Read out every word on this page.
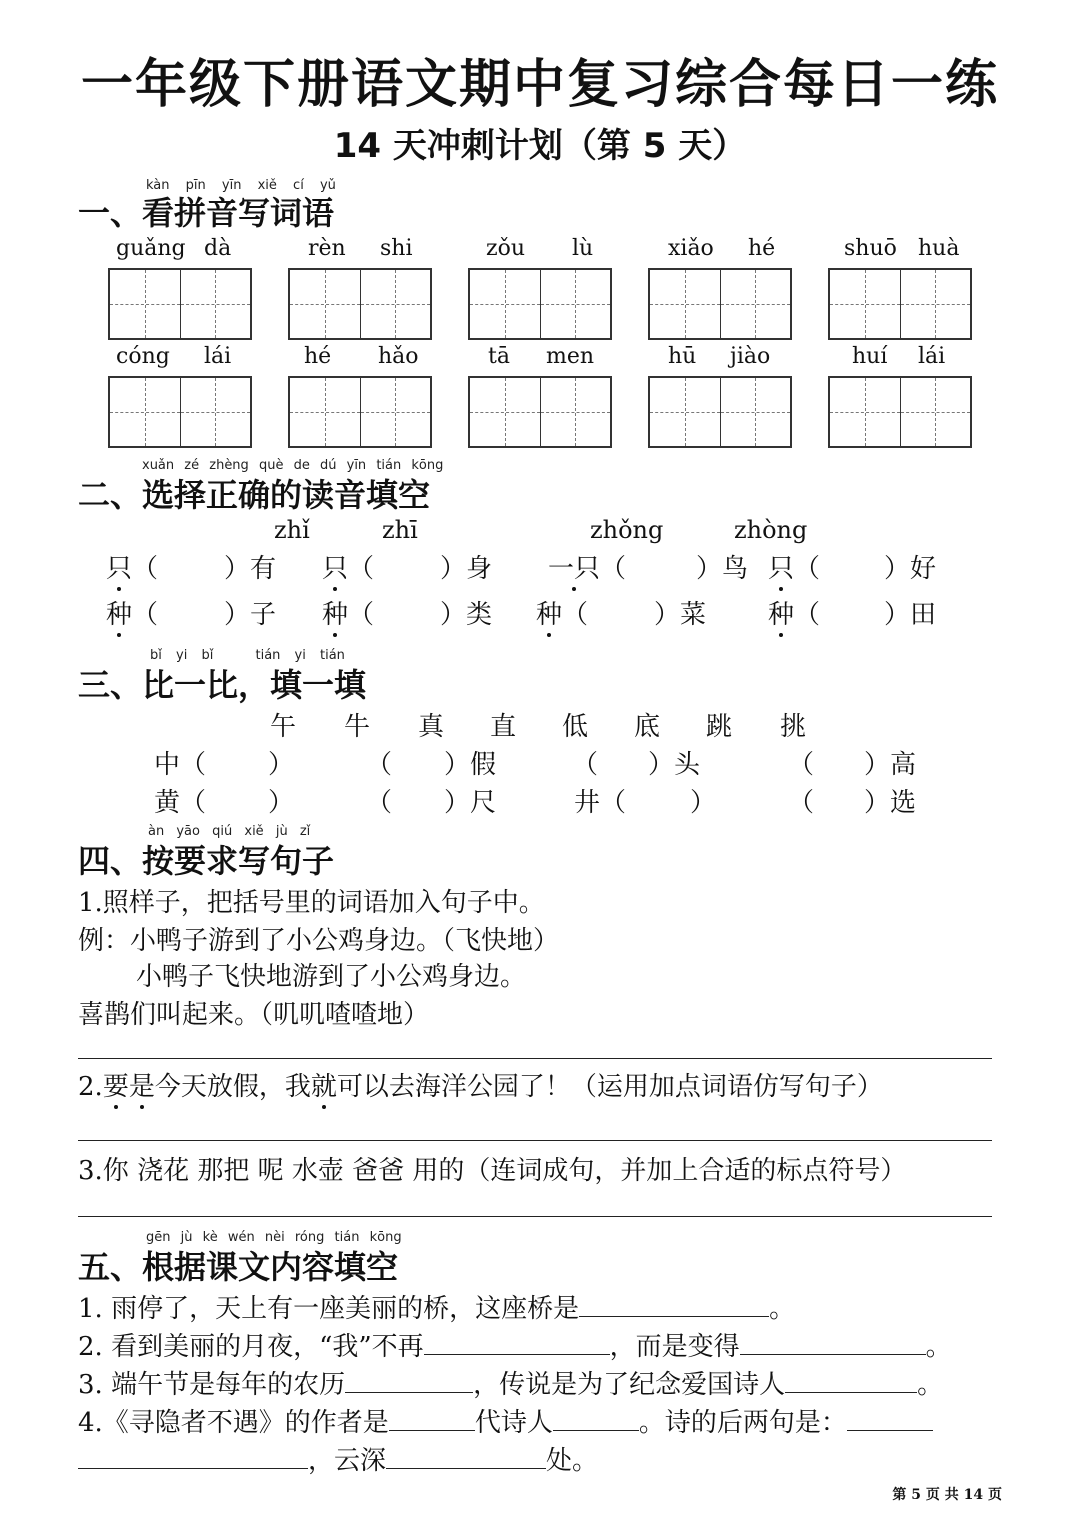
一年级下册语文期中复习综合每日一练
14 天冲刺计划（第 5 天）
kàn pīn yīn xiě cí yǔ
一、看拼音写词语
guǎng dà	rèn shi	zǒu lù	xiǎo hé	shuō huà
cóng lái	hé hǎo	tā men	hū jiào	huí lái
xuǎn zé zhèng què de dú yīn tián kōng
二、选择正确的读音填空
zhǐ	zhī	zhǒng	zhòng
只（	）有 只（	）身 一只（	）鸟 只（ ）好
种（	）子 种（	）类 种（	）菜 种（ ）田
bǐ yi bǐ	tián yi tián
三、比一比，填一填
午 牛 真 直 低 底 跳 挑
中（ ）	（ ）假	（ ）头	（ ）高
黄（ ）	（ ）尺	井（ ）	（ ）选
àn yāo qiú xiě jù zǐ
四、按要求写句子
1.照样子，把括号里的词语加入句子中。
例：小鸭子游到了小公鸡身边。（飞快地）
小鸭子飞快地游到了小公鸡身边。
喜鹊们叫起来。（叽叽喳喳地）
2.要是今天放假，我就可以去海洋公园了！（运用加点词语仿写句子）
3.你 浇花 那把 呢 水壶 爸爸 用的（连词成句，并加上合适的标点符号）
gēn jù kè wén nèi róng tián kōng
五、根据课文内容填空
1. 雨停了，天上有一座美丽的桥，这座桥是	。
2. 看到美丽的月夜，“我”不再	，而是变得	。
3. 端午节是每年的农历	，传说是为了纪念爱国诗人	。
4.《寻隐者不遇》的作者是	代诗人	。诗的后两句是：
，云深	处。
第 5 页 共 14 页
